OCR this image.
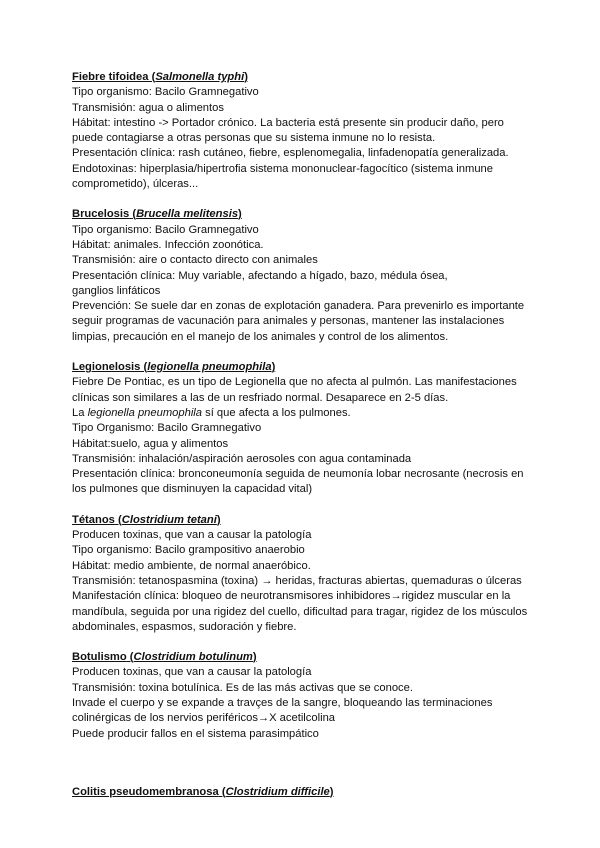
Fiebre tifoidea (Salmonella typhi)
Tipo organismo: Bacilo Gramnegativo
Transmisión: agua o alimentos
Hábitat: intestino -> Portador crónico. La bacteria está presente sin producir daño, pero
puede contagiarse a otras personas que su sistema inmune no lo resista.
Presentación clínica: rash cutáneo, fiebre, esplenomegalia, linfadenopatía generalizada.
Endotoxinas: hiperplasia/hipertrofia sistema mononuclear-fagocítico (sistema inmune
comprometido), úlceras...
Brucelosis (Brucella melitensis)
Tipo organismo: Bacilo Gramnegativo
Hábitat: animales. Infección zoonótica.
Transmisión: aire o contacto directo con animales
Presentación clínica: Muy variable, afectando a hígado, bazo, médula ósea,
ganglios linfáticos
Prevención: Se suele dar en zonas de explotación ganadera. Para prevenirlo es importante
seguir programas de vacunación para animales y personas, mantener las instalaciones
limpias, precaución en el manejo de los animales y control de los alimentos.
Legionelosis (legionella pneumophila)
Fiebre De Pontiac, es un tipo de Legionella que no afecta al pulmón. Las manifestaciones
clínicas son similares a las de un resfriado normal. Desaparece en 2-5 días.
La legionella pneumophila sí que afecta a los pulmones.
Tipo Organismo: Bacilo Gramnegativo
Hábitat:suelo, agua y alimentos
Transmisión: inhalación/aspiración aerosoles con agua contaminada
Presentación clínica: bronconeumonía seguida de neumonía lobar necrosante (necrosis en
los pulmones que disminuyen la capacidad vital)
Tétanos (Clostridium tetani)
Producen toxinas, que van a causar la patología
Tipo organismo: Bacilo grampositivo anaerobio
Hábitat: medio ambiente, de normal anaeróbico.
Transmisión: tetanospasmina (toxina) → heridas, fracturas abiertas, quemaduras o úlceras
Manifestación clínica: bloqueo de neurotransmisores inhibidores→rigidez muscular en la
mandíbula, seguida por una rigidez del cuello, dificultad para tragar, rigidez de los músculos
abdominales, espasmos, sudoración y fiebre.
Botulismo (Clostridium botulinum)
Producen toxinas, que van a causar la patología
Transmisión: toxina botulínica. Es de las más activas que se conoce.
Invade el cuerpo y se expande a travçes de la sangre, bloqueando las terminaciones
colinérgicas de los nervios periféricos→X acetilcolina
Puede producir fallos en el sistema parasimpático
Colitis pseudomembranosa (Clostridium difficile)
